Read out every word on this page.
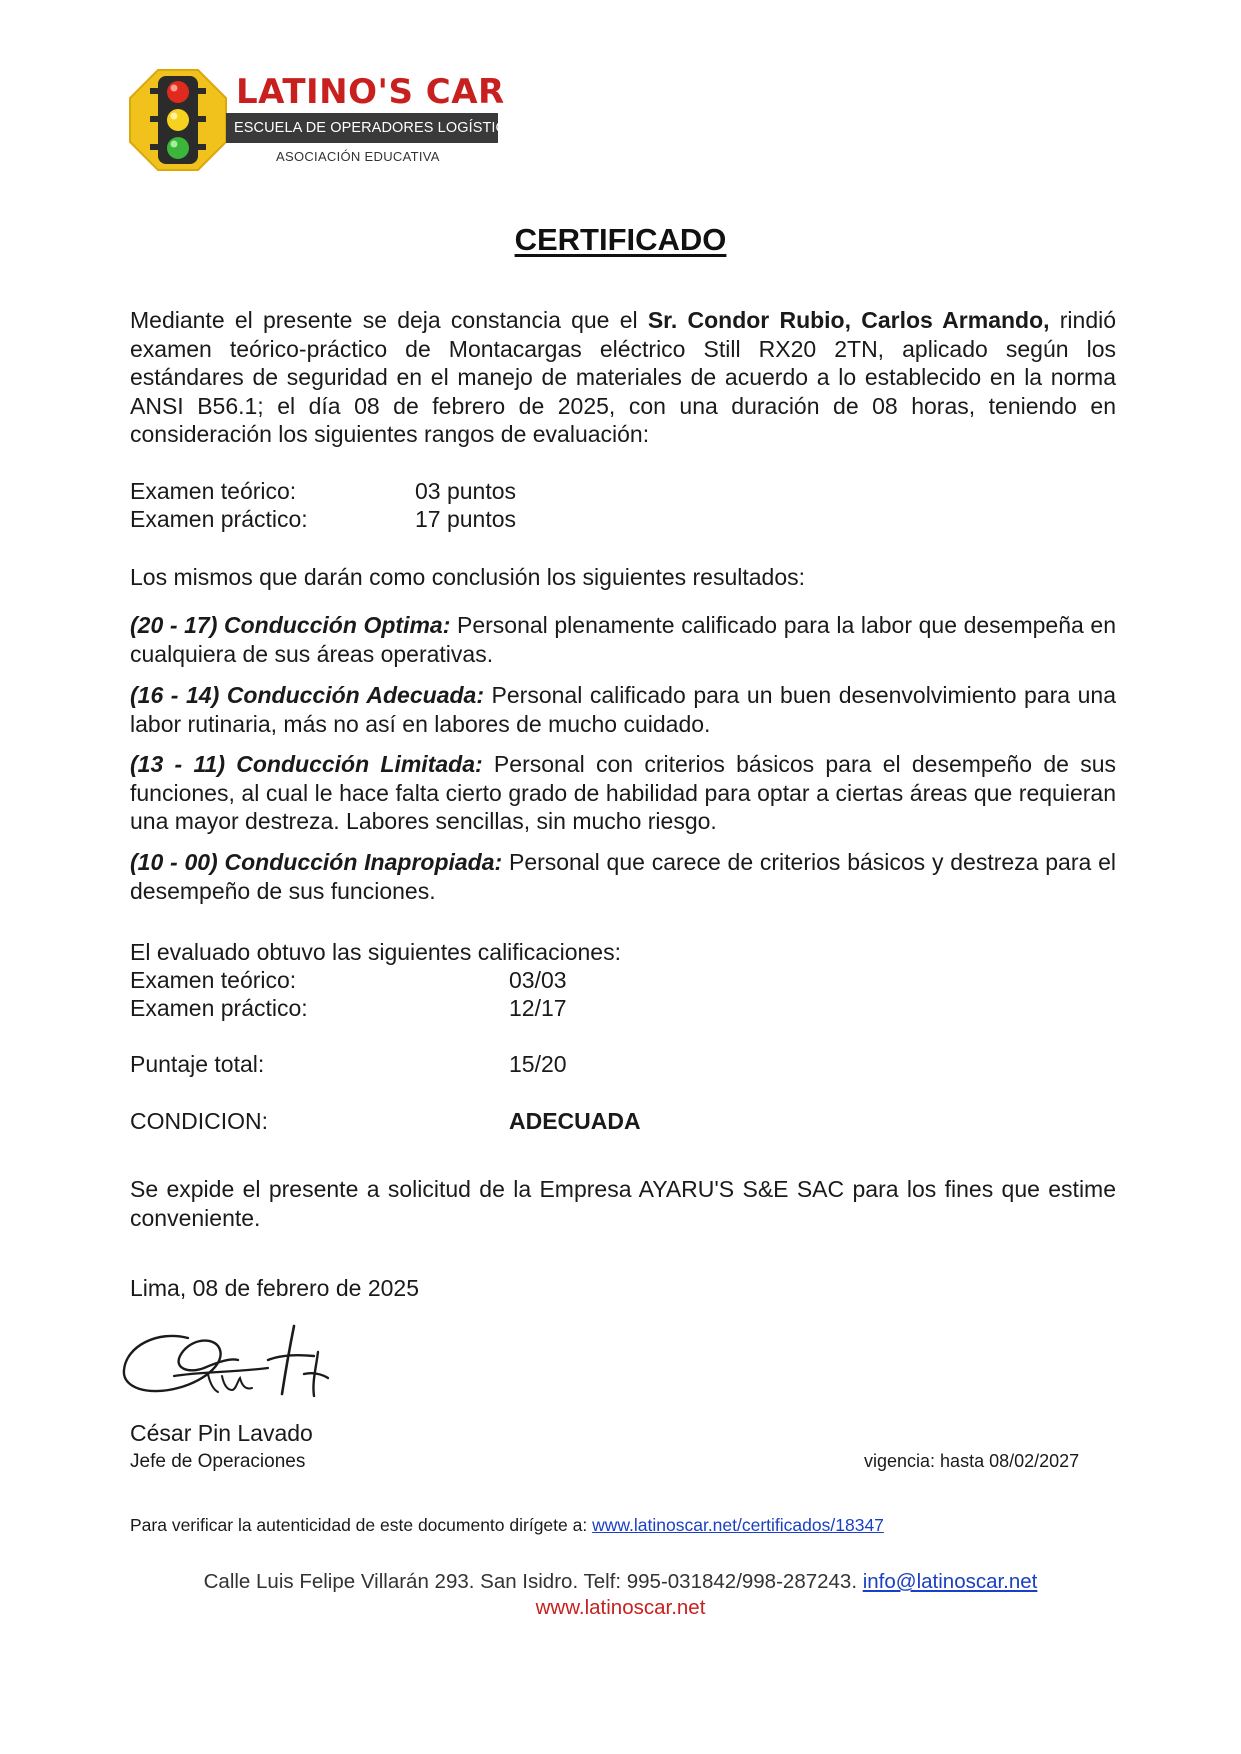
LATINO'S CAR
ESCUELA DE OPERADORES LOGÍSTICOS
ASOCIACIÓN EDUCATIVA
CERTIFICADO
Mediante el presente se deja constancia que el Sr. Condor Rubio, Carlos Armando, rindió examen teórico-práctico de Montacargas eléctrico Still RX20 2TN, aplicado según los estándares de seguridad en el manejo de materiales de acuerdo a lo establecido en la norma ANSI B56.1; el día 08 de febrero de 2025, con una duración de 08 horas, teniendo en consideración los siguientes rangos de evaluación:
Examen teórico:	03 puntos
Examen práctico:	17 puntos
Los mismos que darán como conclusión los siguientes resultados:
(20 - 17) Conducción Optima: Personal plenamente calificado para la labor que desempeña en cualquiera de sus áreas operativas.
(16 - 14) Conducción Adecuada: Personal calificado para un buen desenvolvimiento para una labor rutinaria, más no así en labores de mucho cuidado.
(13 - 11) Conducción Limitada: Personal con criterios básicos para el desempeño de sus funciones, al cual le hace falta cierto grado de habilidad para optar a ciertas áreas que requieran una mayor destreza. Labores sencillas, sin mucho riesgo.
(10 - 00) Conducción Inapropiada: Personal que carece de criterios básicos y destreza para el desempeño de sus funciones.
El evaluado obtuvo las siguientes calificaciones:
Examen teórico:	03/03
Examen práctico:	12/17
Puntaje total:	15/20
CONDICION:	ADECUADA
Se expide el presente a solicitud de la Empresa AYARU'S S&E SAC para los fines que estime conveniente.
Lima, 08 de febrero de 2025
César Pin Lavado
Jefe de Operaciones	vigencia: hasta 08/02/2027
Para verificar la autenticidad de este documento dirígete a: www.latinoscar.net/certificados/18347
Calle Luis Felipe Villarán 293. San Isidro. Telf: 995-031842/998-287243. info@latinoscar.net
www.latinoscar.net
